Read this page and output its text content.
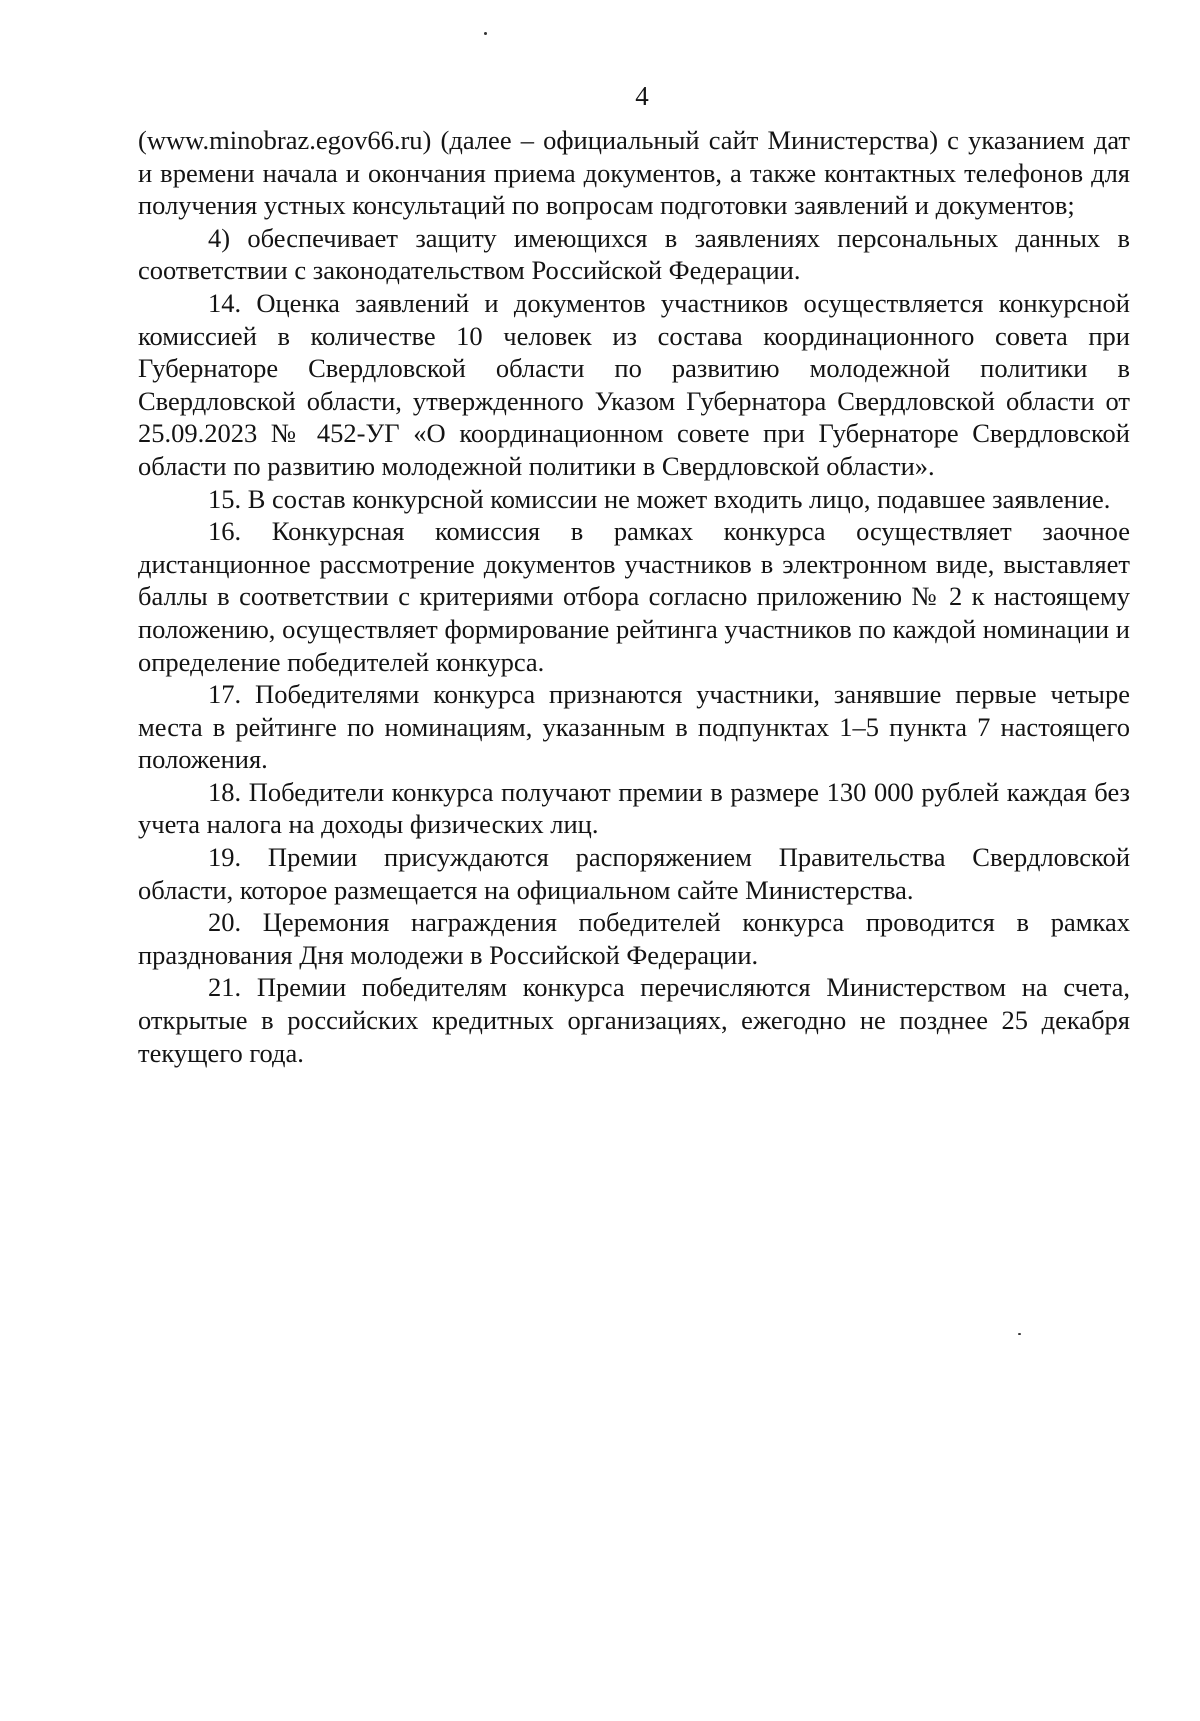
4

(www.minobraz.egov66.ru) (далее – официальный сайт Министерства) с указанием дат и времени начала и окончания приема документов, а также контактных телефонов для получения устных консультаций по вопросам подготовки заявлений и документов;

4) обеспечивает защиту имеющихся в заявлениях персональных данных в соответствии с законодательством Российской Федерации.

14. Оценка заявлений и документов участников осуществляется конкурсной комиссией в количестве 10 человек из состава координационного совета при Губернаторе Свердловской области по развитию молодежной политики в Свердловской области, утвержденного Указом Губернатора Свердловской области от 25.09.2023 № 452-УГ «О координационном совете при Губернаторе Свердловской области по развитию молодежной политики в Свердловской области».

15. В состав конкурсной комиссии не может входить лицо, подавшее заявление.

16. Конкурсная комиссия в рамках конкурса осуществляет заочное дистанционное рассмотрение документов участников в электронном виде, выставляет баллы в соответствии с критериями отбора согласно приложению № 2 к настоящему положению, осуществляет формирование рейтинга участников по каждой номинации и определение победителей конкурса.

17. Победителями конкурса признаются участники, занявшие первые четыре места в рейтинге по номинациям, указанным в подпунктах 1–5 пункта 7 настоящего положения.

18. Победители конкурса получают премии в размере 130 000 рублей каждая без учета налога на доходы физических лиц.

19. Премии присуждаются распоряжением Правительства Свердловской области, которое размещается на официальном сайте Министерства.

20. Церемония награждения победителей конкурса проводится в рамках празднования Дня молодежи в Российской Федерации.

21. Премии победителям конкурса перечисляются Министерством на счета, открытые в российских кредитных организациях, ежегодно не позднее 25 декабря текущего года.
